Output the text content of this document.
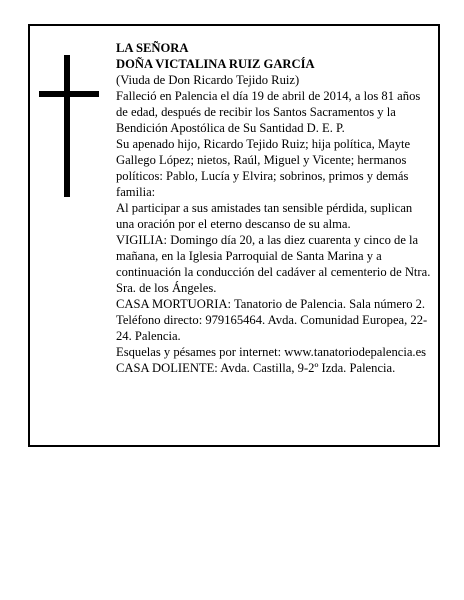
LA SEÑORA

DOÑA VICTALINA RUIZ GARCÍA

(Viuda de Don Ricardo Tejido Ruiz)

Falleció en Palencia el día 19 de abril de 2014, a los 81 años de edad, después de recibir los Santos Sacramentos y la Bendición Apostólica de Su Santidad D. E. P.

Su apenado hijo, Ricardo Tejido Ruiz; hija política, Mayte Gallego López; nietos, Raúl, Miguel y Vicente; hermanos políticos: Pablo, Lucía y Elvira; sobrinos, primos y demás familia:

Al participar a sus amistades tan sensible pérdida, suplican una oración por el eterno descanso de su alma.

VIGILIA: Domingo día 20, a las diez cuarenta y cinco de la mañana, en la Iglesia Parroquial de Santa Marina y a continuación la conducción del cadáver al cementerio de Ntra. Sra. de los Ángeles.

CASA MORTUORIA: Tanatorio de Palencia. Sala número 2. Teléfono directo: 979165464. Avda. Comunidad Europea, 22-24. Palencia.

Esquelas y pésames por internet: www.tanatoriodepalencia.es

CASA DOLIENTE: Avda. Castilla, 9-2º Izda. Palencia.
